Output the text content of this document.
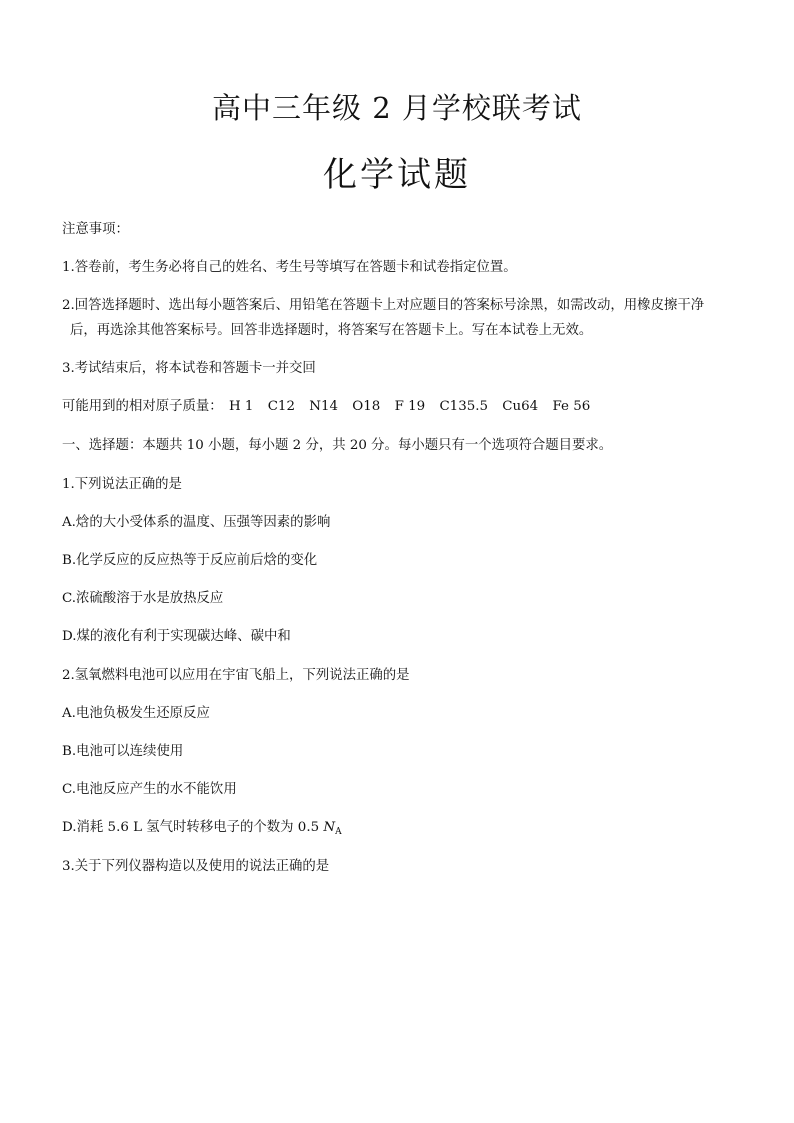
高中三年级 2 月学校联考试
化学试题
注意事项：
1.答卷前，考生务必将自己的姓名、考生号等填写在答题卡和试卷指定位置。
2.回答选择题时、选出每小题答案后、用铅笔在答题卡上对应题目的答案标号涂黑，如需改动，用橡皮擦干净
后，再选涂其他答案标号。回答非选择题时，将答案写在答题卡上。写在本试卷上无效。
3.考试结束后，将本试卷和答题卡一并交回
可能用到的相对原子质量： H 1 C12 N14 O18 F 19 C135.5 Cu64 Fe 56
一、选择题：本题共 10 小题，每小题 2 分，共 20 分。每小题只有一个选项符合题目要求。
1.下列说法正确的是
A.焓的大小受体系的温度、压强等因素的影响
B.化学反应的反应热等于反应前后焓的变化
C.浓硫酸溶于水是放热反应
D.煤的液化有利于实现碳达峰、碳中和
2.氢氧燃料电池可以应用在宇宙飞船上，下列说法正确的是
A.电池负极发生还原反应
B.电池可以连续使用
C.电池反应产生的水不能饮用
D.消耗 5.6 L 氢气时转移电子的个数为 0.5 $N_A$
3.关于下列仪器构造以及使用的说法正确的是
